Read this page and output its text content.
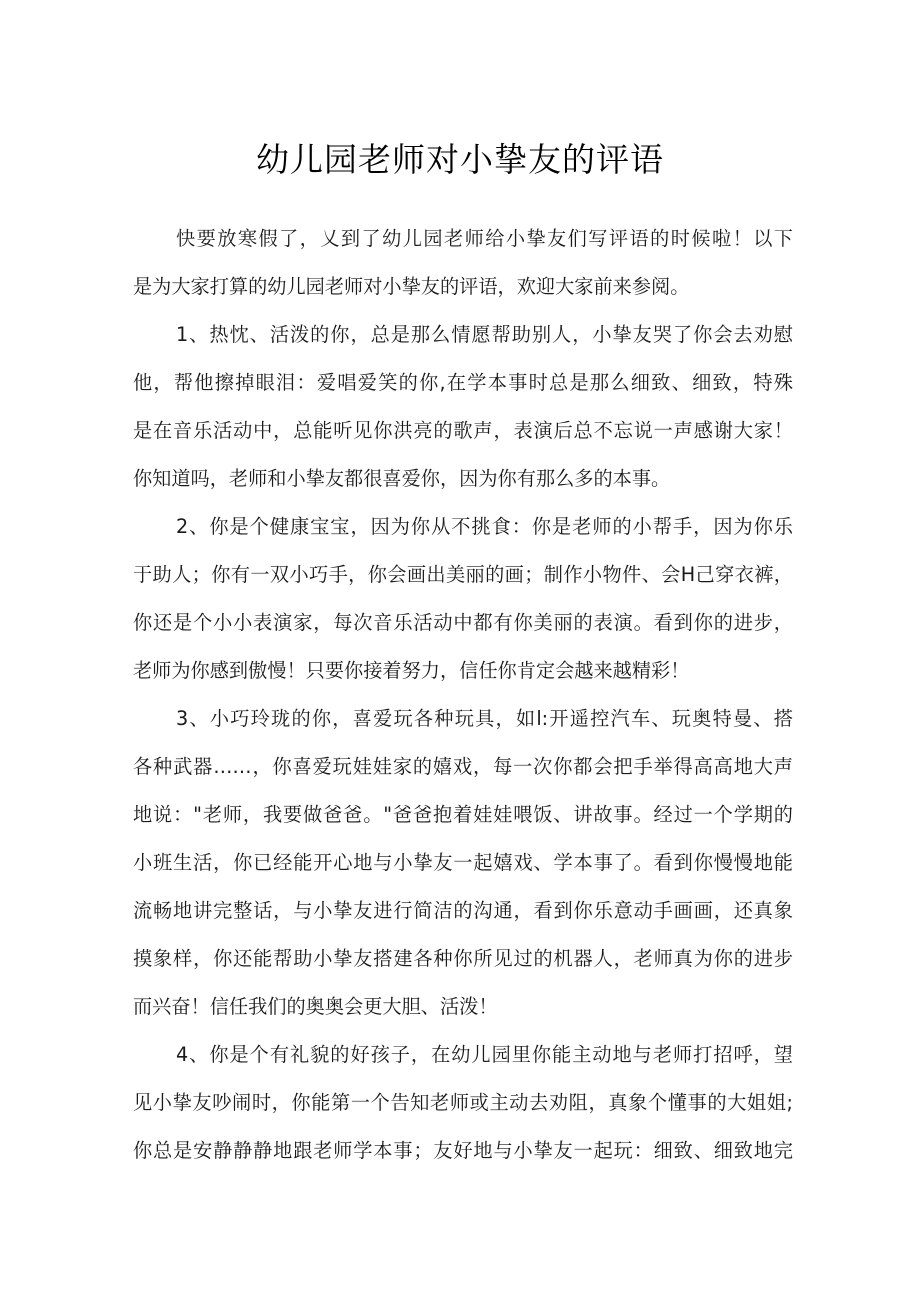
幼儿园老师对小挚友的评语
快要放寒假了，乂到了幼儿园老师给小挚友们写评语的时候啦！以下
是为大家打算的幼儿园老师对小挚友的评语，欢迎大家前来参阅。
1、热忱、活泼的你，总是那么情愿帮助别人，小挚友哭了你会去劝慰
他，帮他擦掉眼泪：爱唱爱笑的你,在学本事时总是那么细致、细致，特殊
是在音乐活动中，总能听见你洪亮的歌声，表演后总不忘说一声感谢大家！
你知道吗，老师和小挚友都很喜爱你，因为你有那么多的本事。
2、你是个健康宝宝，因为你从不挑食：你是老师的小帮手，因为你乐
于助人；你有一双小巧手，你会画出美丽的画；制作小物件、会H己穿衣裤，
你还是个小小表演家，每次音乐活动中都有你美丽的表演。看到你的进步，
老师为你感到傲慢！只要你接着努力，信任你肯定会越来越精彩！
3、小巧玲珑的你，喜爱玩各种玩具，如l:开遥控汽车、玩奥特曼、搭
各种武器……，你喜爱玩娃娃家的嬉戏，每一次你都会把手举得高高地大声
地说："老师，我要做爸爸。"爸爸抱着娃娃喂饭、讲故事。经过一个学期的
小班生活，你已经能开心地与小挚友一起嬉戏、学本事了。看到你慢慢地能
流畅地讲完整话，与小挚友进行简洁的沟通，看到你乐意动手画画，还真象
摸象样，你还能帮助小挚友搭建各种你所见过的机器人，老师真为你的进步
而兴奋！信任我们的奥奥会更大胆、活泼！
4、你是个有礼貌的好孩子，在幼儿园里你能主动地与老师打招呼，望
见小挚友吵闹时，你能第一个告知老师或主动去劝阻，真象个懂事的大姐姐;
你总是安静静静地跟老师学本事；友好地与小挚友一起玩：细致、细致地完
